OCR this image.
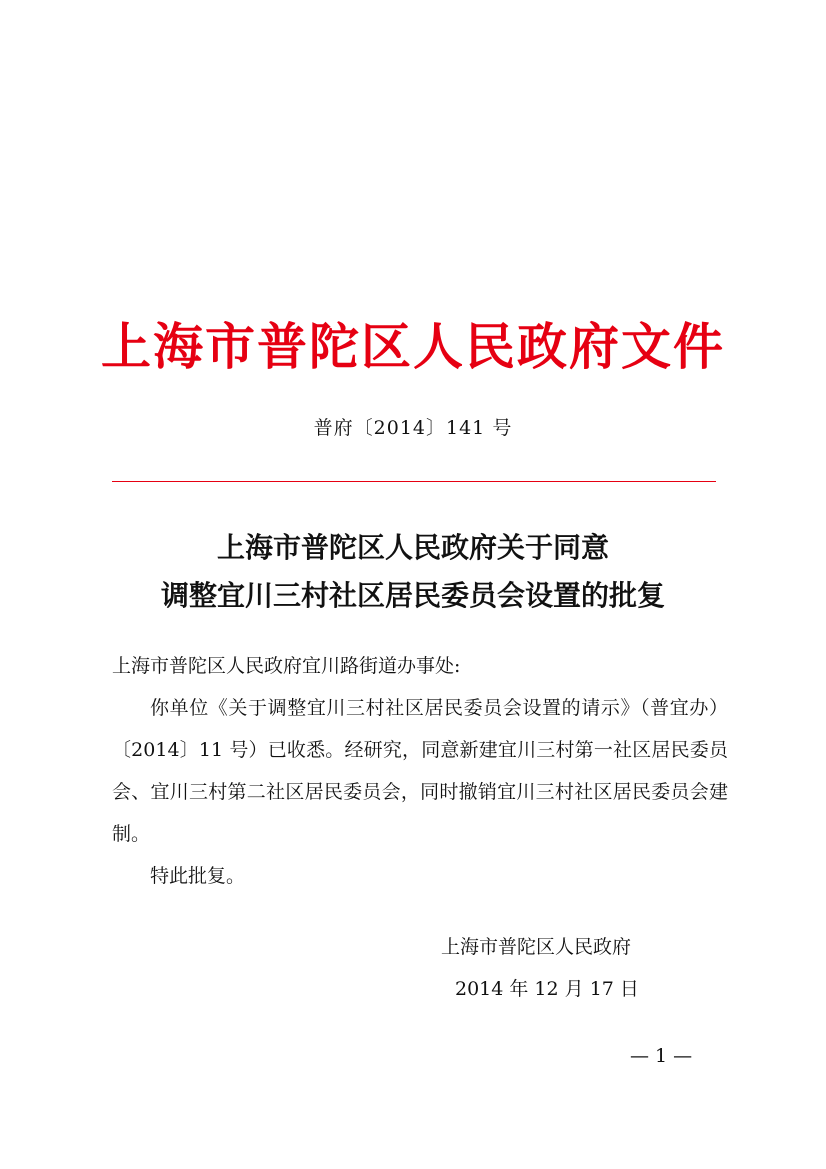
上海市普陀区人民政府文件
普府〔2014〕141 号
上海市普陀区人民政府关于同意
调整宜川三村社区居民委员会设置的批复

上海市普陀区人民政府宜川路街道办事处:

你单位《关于调整宜川三村社区居民委员会设置的请示》（普宜办）〔2014〕11 号）已收悉。经研究，同意新建宜川三村第一社区居民委员会、宜川三村第二社区居民委员会，同时撤销宜川三村社区居民委员会建制。

特此批复。

上海市普陀区人民政府
2014 年 12 月 17 日
— 1 —
